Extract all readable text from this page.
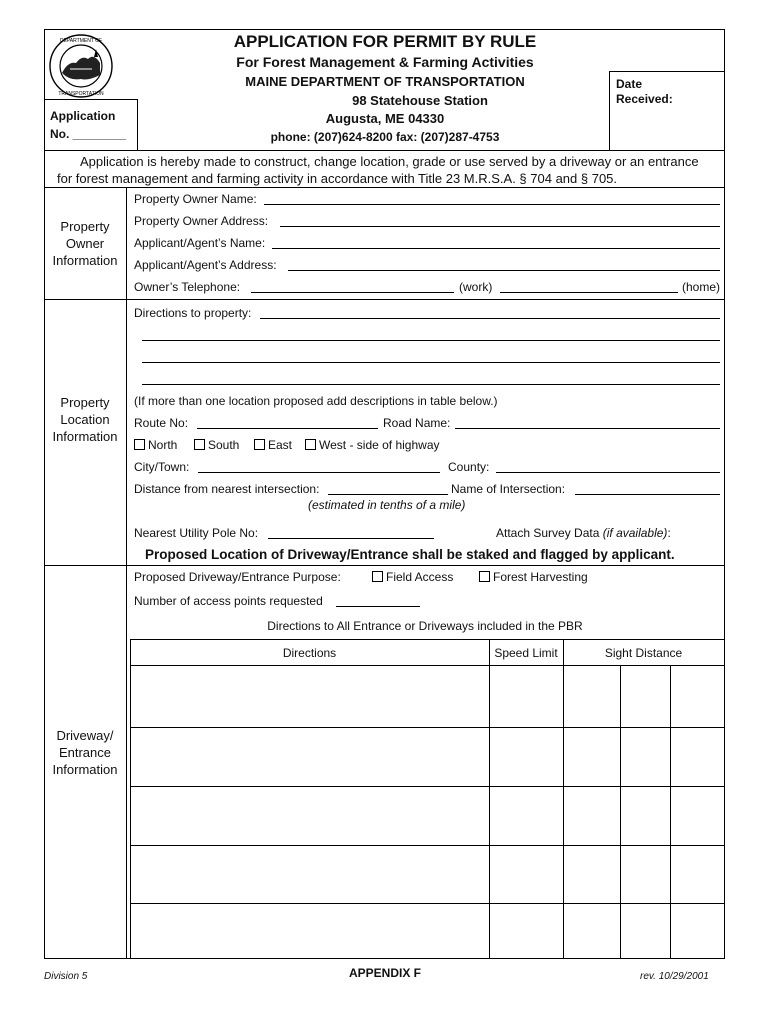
DEPARTMENT OF
TRANSPORTATION
APPLICATION FOR PERMIT BY RULE
For Forest Management & Farming Activities
MAINE DEPARTMENT OF TRANSPORTATION
98 Statehouse Station
Augusta, ME 04330
phone: (207)624-8200 fax: (207)287-4753
Application
No. ________
Date
Received:
Application is hereby made to construct, change location, grade or use served by a driveway or an entrance
for forest management and farming activity in accordance with Title 23 M.R.S.A. § 704 and § 705.
Property
Owner
Information
Property Owner Name:
Property Owner Address:
Applicant/Agent’s Name:
Applicant/Agent’s Address:
Owner’s Telephone:	(work)	(home)
Property
Location
Information
Directions to property:
(If more than one location proposed add descriptions in table below.)
Route No:	Road Name:
North	South	East	West - side of highway
City/Town:	County:
Distance from nearest intersection:	Name of Intersection:
(estimated in tenths of a mile)
Nearest Utility Pole No:	Attach Survey Data (if available):
Proposed Location of Driveway/Entrance shall be staked and flagged by applicant.
Driveway/
Entrance
Information
Proposed Driveway/Entrance Purpose:	Field Access	Forest Harvesting
Number of access points requested
Directions to All Entrance or Driveways included in the PBR
Directions	Speed Limit	Sight Distance
Division 5	APPENDIX F	rev. 10/29/2001
